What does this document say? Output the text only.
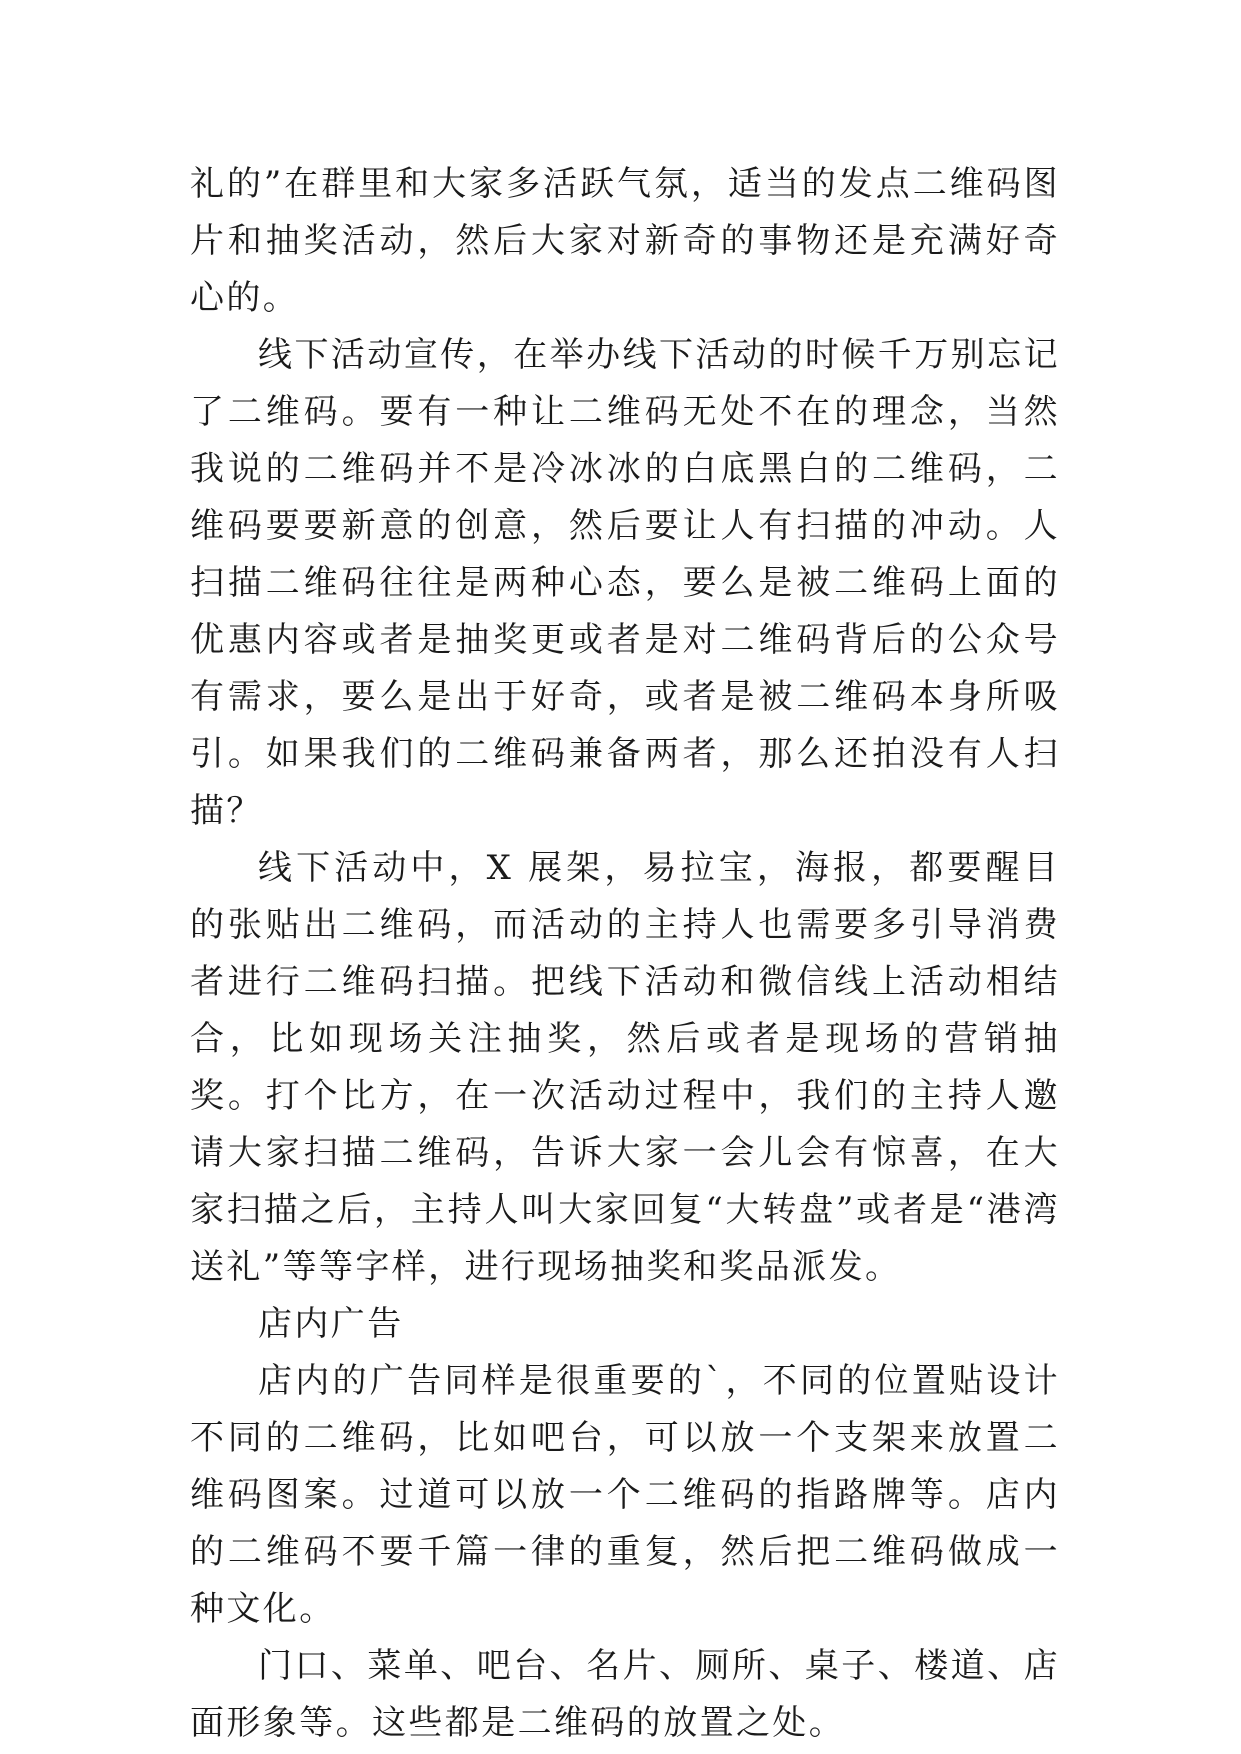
礼的”在群里和大家多活跃气氛，适当的发点二维码图片和抽奖活动，然后大家对新奇的事物还是充满好奇心的。

线下活动宣传，在举办线下活动的时候千万别忘记了二维码。要有一种让二维码无处不在的理念，当然我说的二维码并不是冷冰冰的白底黑白的二维码，二维码要要新意的创意，然后要让人有扫描的冲动。人扫描二维码往往是两种心态，要么是被二维码上面的优惠内容或者是抽奖更或者是对二维码背后的公众号有需求，要么是出于好奇，或者是被二维码本身所吸引。如果我们的二维码兼备两者，那么还拍没有人扫描？

线下活动中，X 展架，易拉宝，海报，都要醒目的张贴出二维码，而活动的主持人也需要多引导消费者进行二维码扫描。把线下活动和微信线上活动相结合，比如现场关注抽奖，然后或者是现场的营销抽奖。打个比方，在一次活动过程中，我们的主持人邀请大家扫描二维码，告诉大家一会儿会有惊喜，在大家扫描之后，主持人叫大家回复“大转盘”或者是“港湾送礼”等等字样，进行现场抽奖和奖品派发。

店内广告

店内的广告同样是很重要的`，不同的位置贴设计不同的二维码，比如吧台，可以放一个支架来放置二维码图案。过道可以放一个二维码的指路牌等。店内的二维码不要千篇一律的重复，然后把二维码做成一种文化。

门口、菜单、吧台、名片、厕所、桌子、楼道、店面形象等。这些都是二维码的放置之处。
